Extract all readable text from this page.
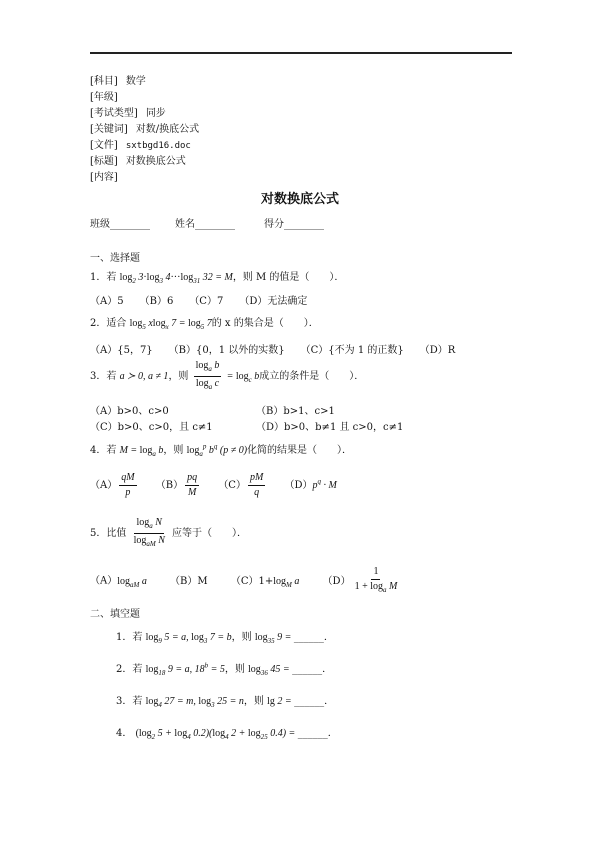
[科目] 数学
[年级]
[考试类型] 同步
[关键词] 对数/换底公式
[文件] sxtbgd16.doc
[标题] 对数换底公式
[内容]
对数换底公式
班级________	姓名________	得分________
一、选择题
1．若 $\log_2 3\cdot\log_3$ $4\cdot\cdot\cdot\log_{31}$ 32 = M，则 M 的值是（　　）．
（A）5 （B）6 （C）7 （D）无法确定
2．适合 $\log_5 xlog_x$ $7 = \log_5 7$的 x 的集合是（　　）．
（A）{5，7} （B）{0，1 以外的实数} （C）{不为 1 的正数} （D）R
3．若 a ≻ 0, a ≠ 1，则 $\frac{\log_a b}{\log_a c} = \log_c b$成立的条件是（　　）．
（A）b>0、c>0	（B）b>1、c>1
（C）b>0、c>0，且 c≠1	（D）b>0、b≠1 且 c>0，c≠1
4．若 $M = \log_a b$，则 $\log_a^p b^q$ (p ≠ 0)化简的结果是（　　）．
$(A) \frac{qM}{p} (B) \frac{pq}{M} (C) \frac{pM}{q} (D)p^q \cdot M$
5．比值 $\frac{\log_a N}{\log_{aM} N}$ 应等于（　　）．
$(A)\log_{aM}$ a （B）M $(C)1+\log_M$ a $(D) \frac{1}{1 + \log_a M}$
二、填空题
1．若 $\log_9 5 = a$, $\log_3 7 = b$，则 $\log_{35} 9$ = ______．
2．若 $\log_{18} 9 = a$, $18^b = 5$，则 $\log_{36} 45$ = ______．
3．若 $\log_4 27 = m$, $\log_3 25 = n$，则 lg 2 = ______．
4． ($\log_2$ $5 + \log_4 0.2)(\log_4$ $2 + \log_{25} 0.4$) = ______．
